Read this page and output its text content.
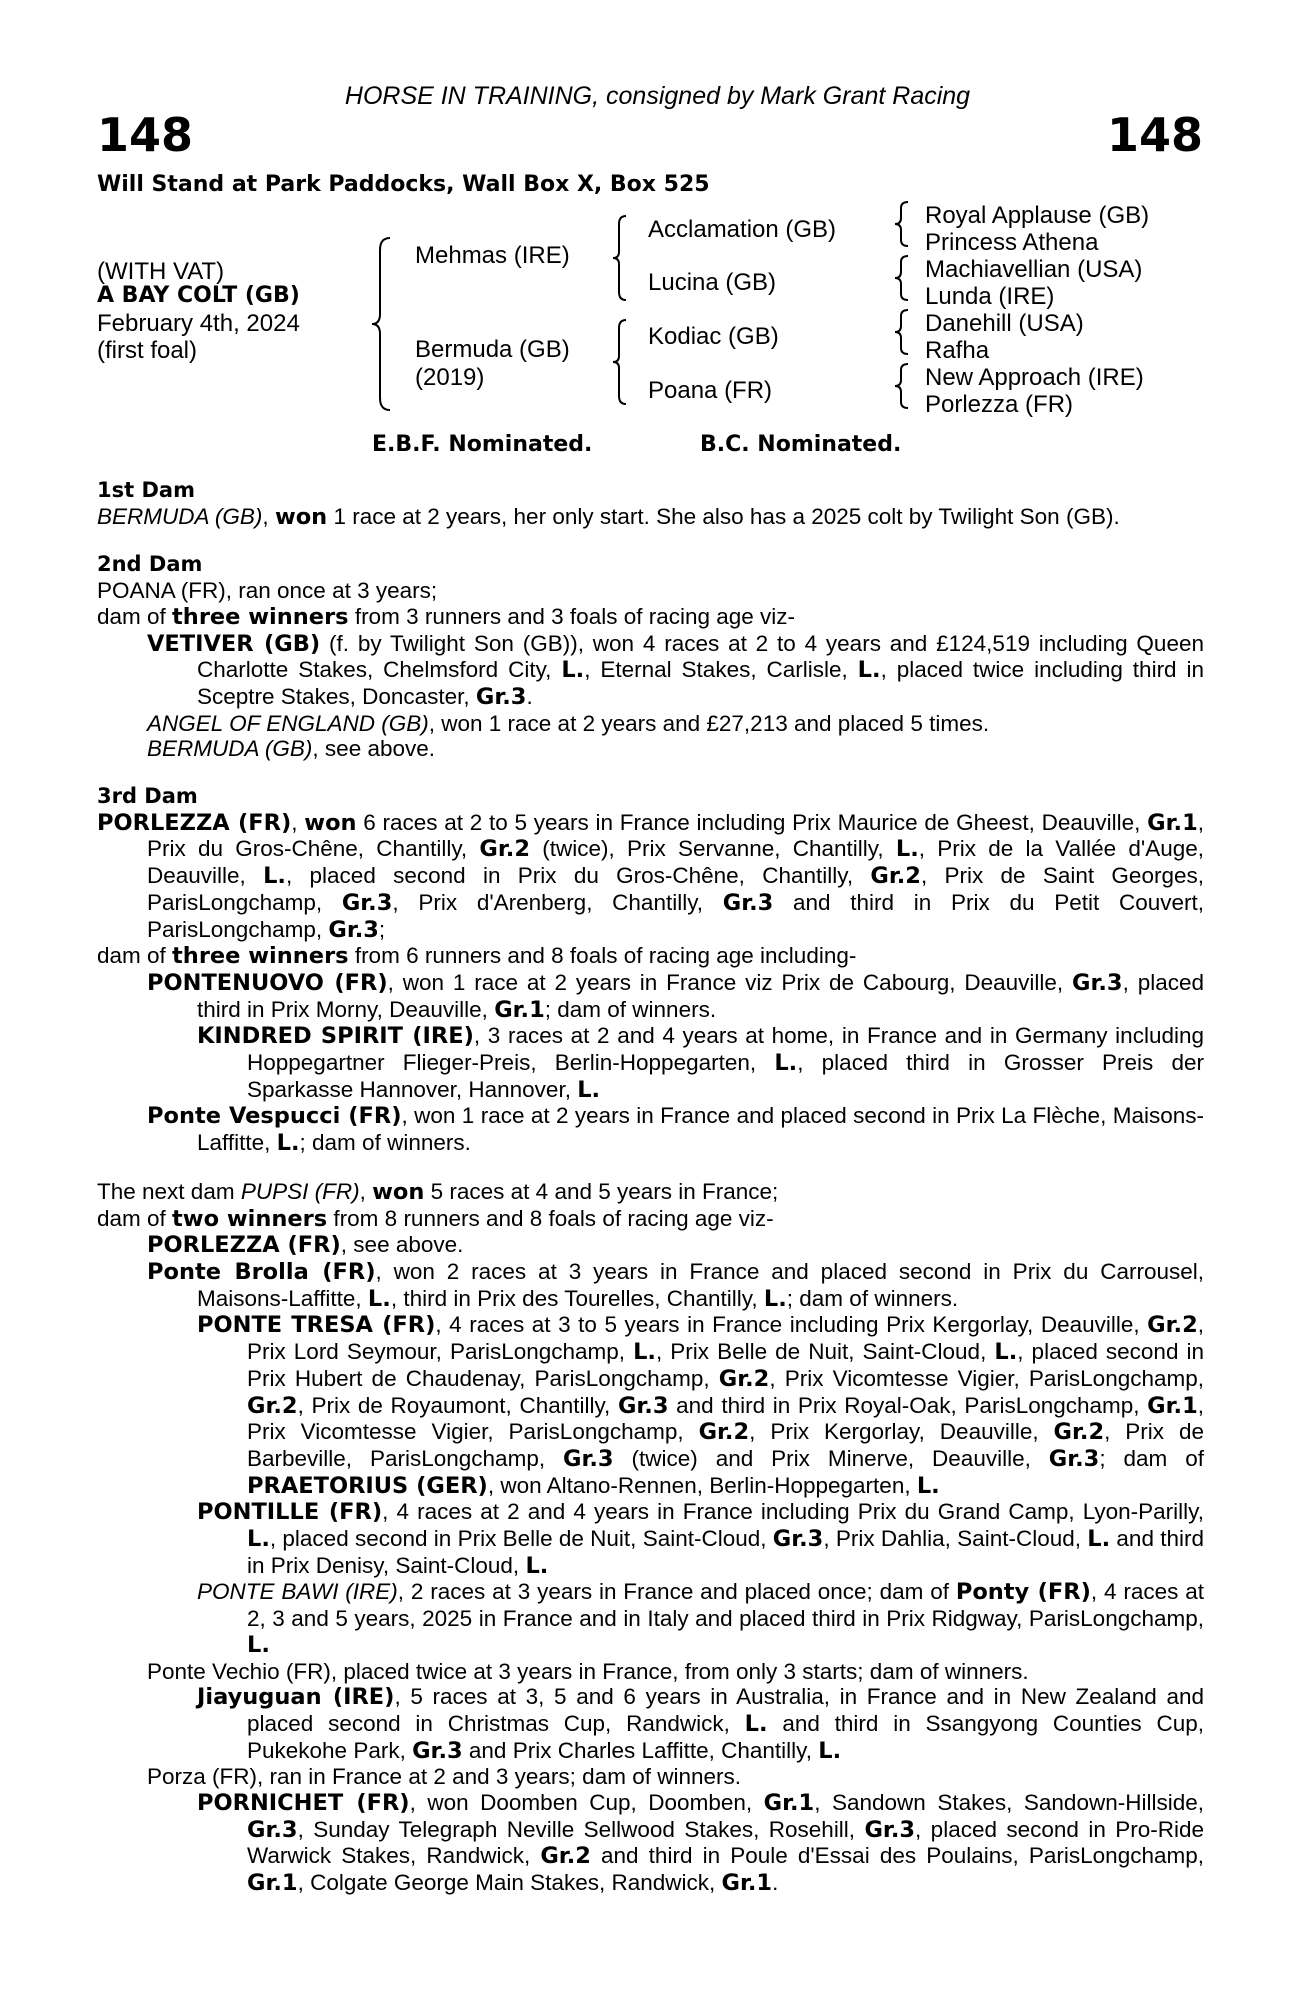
HORSE IN TRAINING, consigned by Mark Grant Racing
148	148
Will Stand at Park Paddocks, Wall Box X, Box 525
(WITH VAT)
A BAY COLT (GB)
February 4th, 2024
(first foal)
Mehmas (IRE)
Bermuda (GB)
(2019)
Acclamation (GB)
Lucina (GB)
Kodiac (GB)
Poana (FR)
Royal Applause (GB)
Princess Athena
Machiavellian (USA)
Lunda (IRE)
Danehill (USA)
Rafha
New Approach (IRE)
Porlezza (FR)
E.B.F. Nominated.	B.C. Nominated.

1st Dam

BERMUDA (GB), won 1 race at 2 years, her only start. She also has a 2025 colt by Twilight Son (GB).

2nd Dam

POANA (FR), ran once at 3 years;

dam of three winners from 3 runners and 3 foals of racing age viz-

VETIVER (GB) (f. by Twilight Son (GB)), won 4 races at 2 to 4 years and £124,519 including Queen Charlotte Stakes, Chelmsford City, L., Eternal Stakes, Carlisle, L., placed twice including third in Sceptre Stakes, Doncaster, Gr.3.

ANGEL OF ENGLAND (GB), won 1 race at 2 years and £27,213 and placed 5 times.

BERMUDA (GB), see above.

3rd Dam

PORLEZZA (FR), won 6 races at 2 to 5 years in France including Prix Maurice de Gheest, Deauville, Gr.1, Prix du Gros-Chêne, Chantilly, Gr.2 (twice), Prix Servanne, Chantilly, L., Prix de la Vallée d'Auge, Deauville, L., placed second in Prix du Gros-Chêne, Chantilly, Gr.2, Prix de Saint Georges, ParisLongchamp, Gr.3, Prix d'Arenberg, Chantilly, Gr.3 and third in Prix du Petit Couvert, ParisLongchamp, Gr.3;

dam of three winners from 6 runners and 8 foals of racing age including-

PONTENUOVO (FR), won 1 race at 2 years in France viz Prix de Cabourg, Deauville, Gr.3, placed third in Prix Morny, Deauville, Gr.1; dam of winners.

KINDRED SPIRIT (IRE), 3 races at 2 and 4 years at home, in France and in Germany including Hoppegartner Flieger-Preis, Berlin-Hoppegarten, L., placed third in Grosser Preis der Sparkasse Hannover, Hannover, L.

Ponte Vespucci (FR), won 1 race at 2 years in France and placed second in Prix La Flèche, Maisons-Laffitte, L.; dam of winners.

The next dam PUPSI (FR), won 5 races at 4 and 5 years in France;

dam of two winners from 8 runners and 8 foals of racing age viz-

PORLEZZA (FR), see above.

Ponte Brolla (FR), won 2 races at 3 years in France and placed second in Prix du Carrousel, Maisons-Laffitte, L., third in Prix des Tourelles, Chantilly, L.; dam of winners.

PONTE TRESA (FR), 4 races at 3 to 5 years in France including Prix Kergorlay, Deauville, Gr.2, Prix Lord Seymour, ParisLongchamp, L., Prix Belle de Nuit, Saint-Cloud, L., placed second in Prix Hubert de Chaudenay, ParisLongchamp, Gr.2, Prix Vicomtesse Vigier, ParisLongchamp, Gr.2, Prix de Royaumont, Chantilly, Gr.3 and third in Prix Royal-Oak, ParisLongchamp, Gr.1, Prix Vicomtesse Vigier, ParisLongchamp, Gr.2, Prix Kergorlay, Deauville, Gr.2, Prix de Barbeville, ParisLongchamp, Gr.3 (twice) and Prix Minerve, Deauville, Gr.3; dam of PRAETORIUS (GER), won Altano-Rennen, Berlin-Hoppegarten, L.

PONTILLE (FR), 4 races at 2 and 4 years in France including Prix du Grand Camp, Lyon-Parilly, L., placed second in Prix Belle de Nuit, Saint-Cloud, Gr.3, Prix Dahlia, Saint-Cloud, L. and third in Prix Denisy, Saint-Cloud, L.

PONTE BAWI (IRE), 2 races at 3 years in France and placed once; dam of Ponty (FR), 4 races at 2, 3 and 5 years, 2025 in France and in Italy and placed third in Prix Ridgway, ParisLongchamp, L.

Ponte Vechio (FR), placed twice at 3 years in France, from only 3 starts; dam of winners.

Jiayuguan (IRE), 5 races at 3, 5 and 6 years in Australia, in France and in New Zealand and placed second in Christmas Cup, Randwick, L. and third in Ssangyong Counties Cup, Pukekohe Park, Gr.3 and Prix Charles Laffitte, Chantilly, L.

Porza (FR), ran in France at 2 and 3 years; dam of winners.

PORNICHET (FR), won Doomben Cup, Doomben, Gr.1, Sandown Stakes, Sandown-Hillside, Gr.3, Sunday Telegraph Neville Sellwood Stakes, Rosehill, Gr.3, placed second in Pro-Ride Warwick Stakes, Randwick, Gr.2 and third in Poule d'Essai des Poulains, ParisLongchamp, Gr.1, Colgate George Main Stakes, Randwick, Gr.1.
